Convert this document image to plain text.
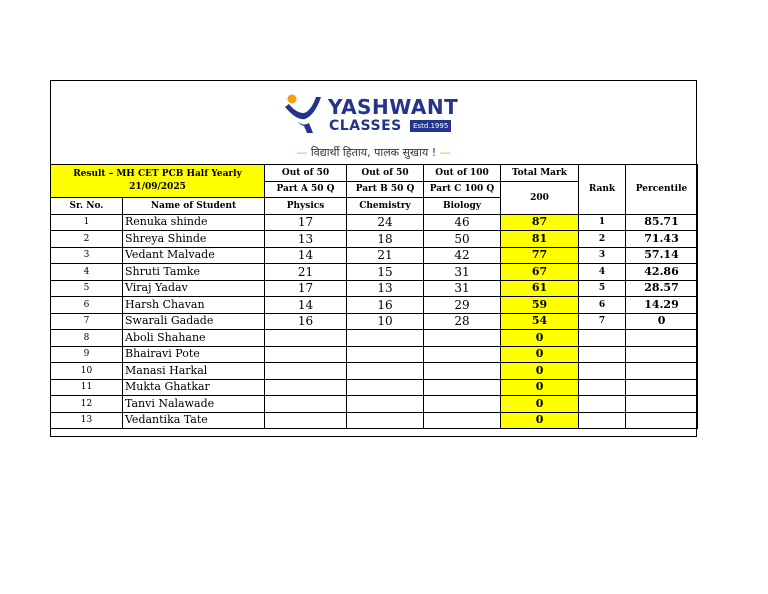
YASHWANT
CLASSES	Estd.1995
— विद्यार्थी हिताय, पालक सुखाय ! —
Result – MH CET PCB Half Yearly
21/09/2025		Out of 50	Out of 50	Out of 100	Total Mark	Rank	Percentile
		Part A 50 Q	Part B 50 Q	Part C 100 Q	200		
Sr. No.	Name of Student	Physics	Chemistry	Biology			
1	Renuka shinde	17	24	46	87	1	85.71
2	Shreya Shinde	13	18	50	81	2	71.43
3	Vedant Malvade	14	21	42	77	3	57.14
4	Shruti Tamke	21	15	31	67	4	42.86
5	Viraj Yadav	17	13	31	61	5	28.57
6	Harsh Chavan	14	16	29	59	6	14.29
7	Swarali Gadade	16	10	28	54	7	0
8	Aboli Shahane				0		
9	Bhairavi Pote				0		
10	Manasi Harkal				0		
11	Mukta Ghatkar				0		
12	Tanvi Nalawade				0		
13	Vedantika Tate				0		
